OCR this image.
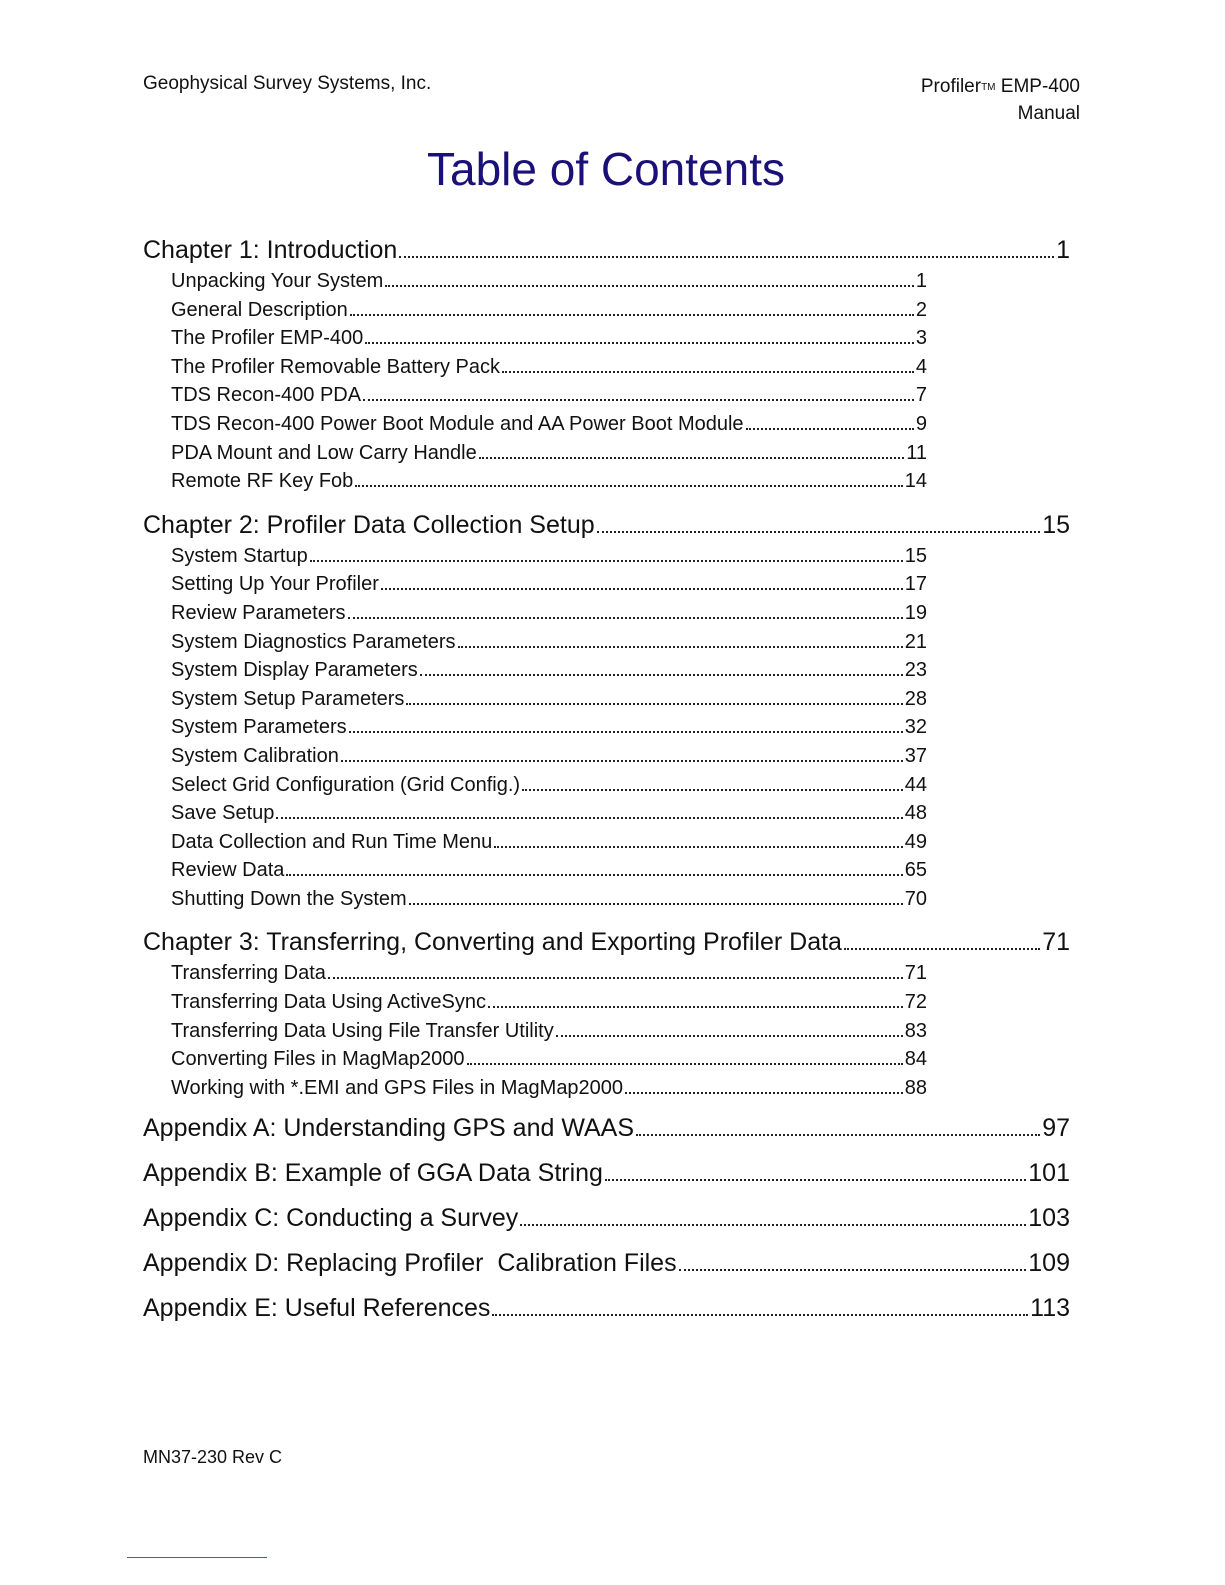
Geophysical Survey Systems, Inc.	Profiler™ EMP-400
Manual
Table of Contents
Chapter 1: Introduction	1
Unpacking Your System	1
General Description	2
The Profiler EMP-400	3
The Profiler Removable Battery Pack	4
TDS Recon-400 PDA	7
TDS Recon-400 Power Boot Module and AA Power Boot Module	9
PDA Mount and Low Carry Handle	11
Remote RF Key Fob	14
Chapter 2: Profiler Data Collection Setup	15
System Startup	15
Setting Up Your Profiler	17
Review Parameters	19
System Diagnostics Parameters	21
System Display Parameters	23
System Setup Parameters	28
System Parameters	32
System Calibration	37
Select Grid Configuration (Grid Config.)	44
Save Setup	48
Data Collection and Run Time Menu	49
Review Data	65
Shutting Down the System	70
Chapter 3: Transferring, Converting and Exporting Profiler Data	71
Transferring Data	71
Transferring Data Using ActiveSync	72
Transferring Data Using File Transfer Utility	83
Converting Files in MagMap2000	84
Working with *.EMI and GPS Files in MagMap2000	88
Appendix A: Understanding GPS and WAAS	97
Appendix B: Example of GGA Data String	101
Appendix C: Conducting a Survey	103
Appendix D: Replacing Profiler  Calibration Files	109
Appendix E: Useful References	113
MN37-230 Rev C
